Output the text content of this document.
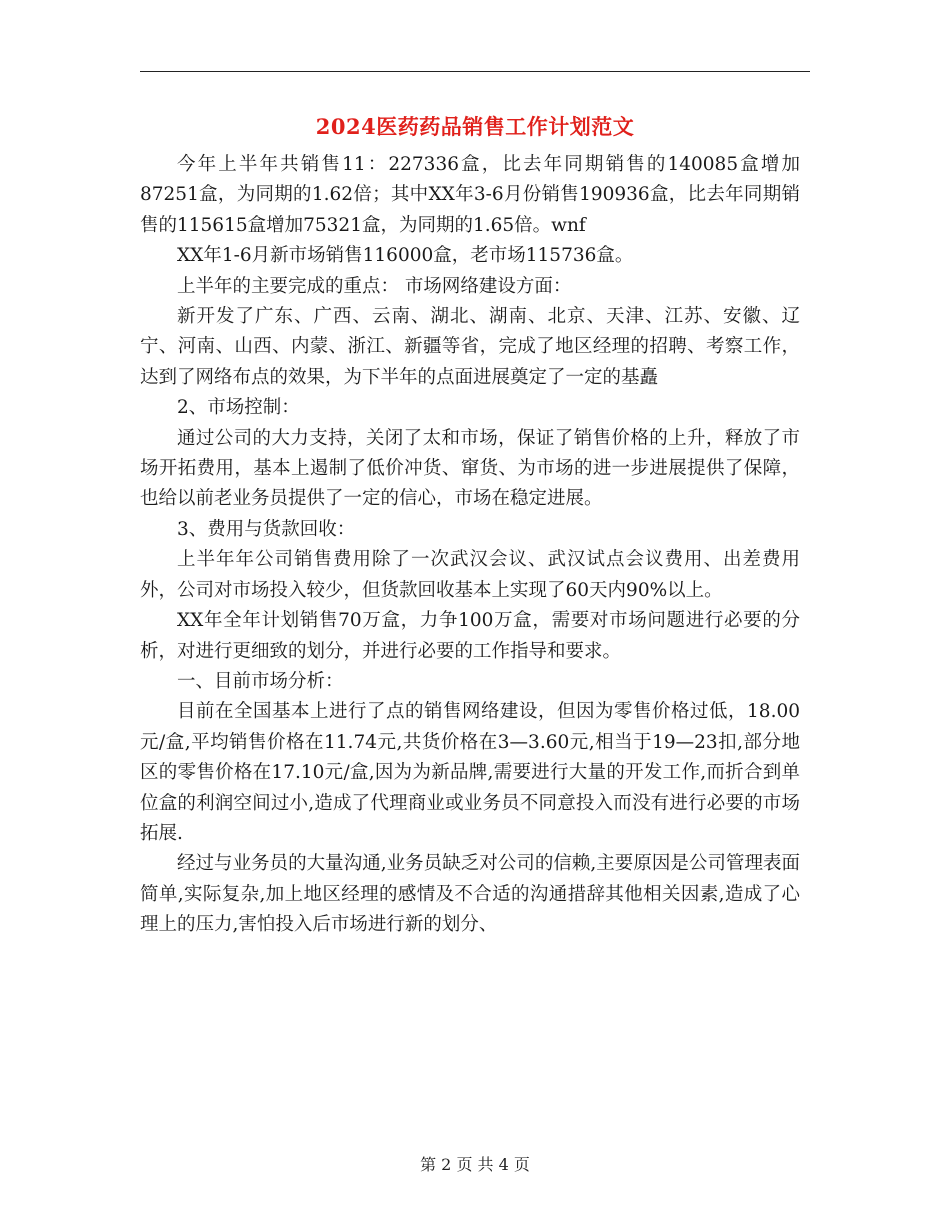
2024医药药品销售工作计划范文

今年上半年共销售11：227336盒，比去年同期销售的140085盒增加87251盒，为同期的1.62倍；其中XX年3-6月份销售190936盒，比去年同期销售的115615盒增加75321盒，为同期的1.65倍。wnf

XX年1-6月新市场销售116000盒，老市场115736盒。

上半年的主要完成的重点： 市场网络建设方面：

新开发了广东、广西、云南、湖北、湖南、北京、天津、江苏、安徽、辽宁、河南、山西、内蒙、浙江、新疆等省，完成了地区经理的招聘、考察工作，达到了网络布点的效果，为下半年的点面进展奠定了一定的基矗

2、市场控制：

通过公司的大力支持，关闭了太和市场，保证了销售价格的上升，释放了市场开拓费用，基本上遏制了低价冲货、窜货、为市场的进一步进展提供了保障，也给以前老业务员提供了一定的信心，市场在稳定进展。

3、费用与货款回收：

上半年年公司销售费用除了一次武汉会议、武汉试点会议费用、出差费用外，公司对市场投入较少，但货款回收基本上实现了60天内90%以上。

XX年全年计划销售70万盒，力争100万盒，需要对市场问题进行必要的分析，对进行更细致的划分，并进行必要的工作指导和要求。

一、目前市场分析：

目前在全国基本上进行了点的销售网络建设，但因为零售价格过低，18.00元/盒,平均销售价格在11.74元,共货价格在3—3.60元,相当于19—23扣,部分地区的零售价格在17.10元/盒,因为为新品牌,需要进行大量的开发工作,而折合到单位盒的利润空间过小,造成了代理商业或业务员不同意投入而没有进行必要的市场拓展.

经过与业务员的大量沟通,业务员缺乏对公司的信赖,主要原因是公司管理表面简单,实际复杂,加上地区经理的感情及不合适的沟通措辞其他相关因素,造成了心理上的压力,害怕投入后市场进行新的划分、

第 2 页 共 4 页
